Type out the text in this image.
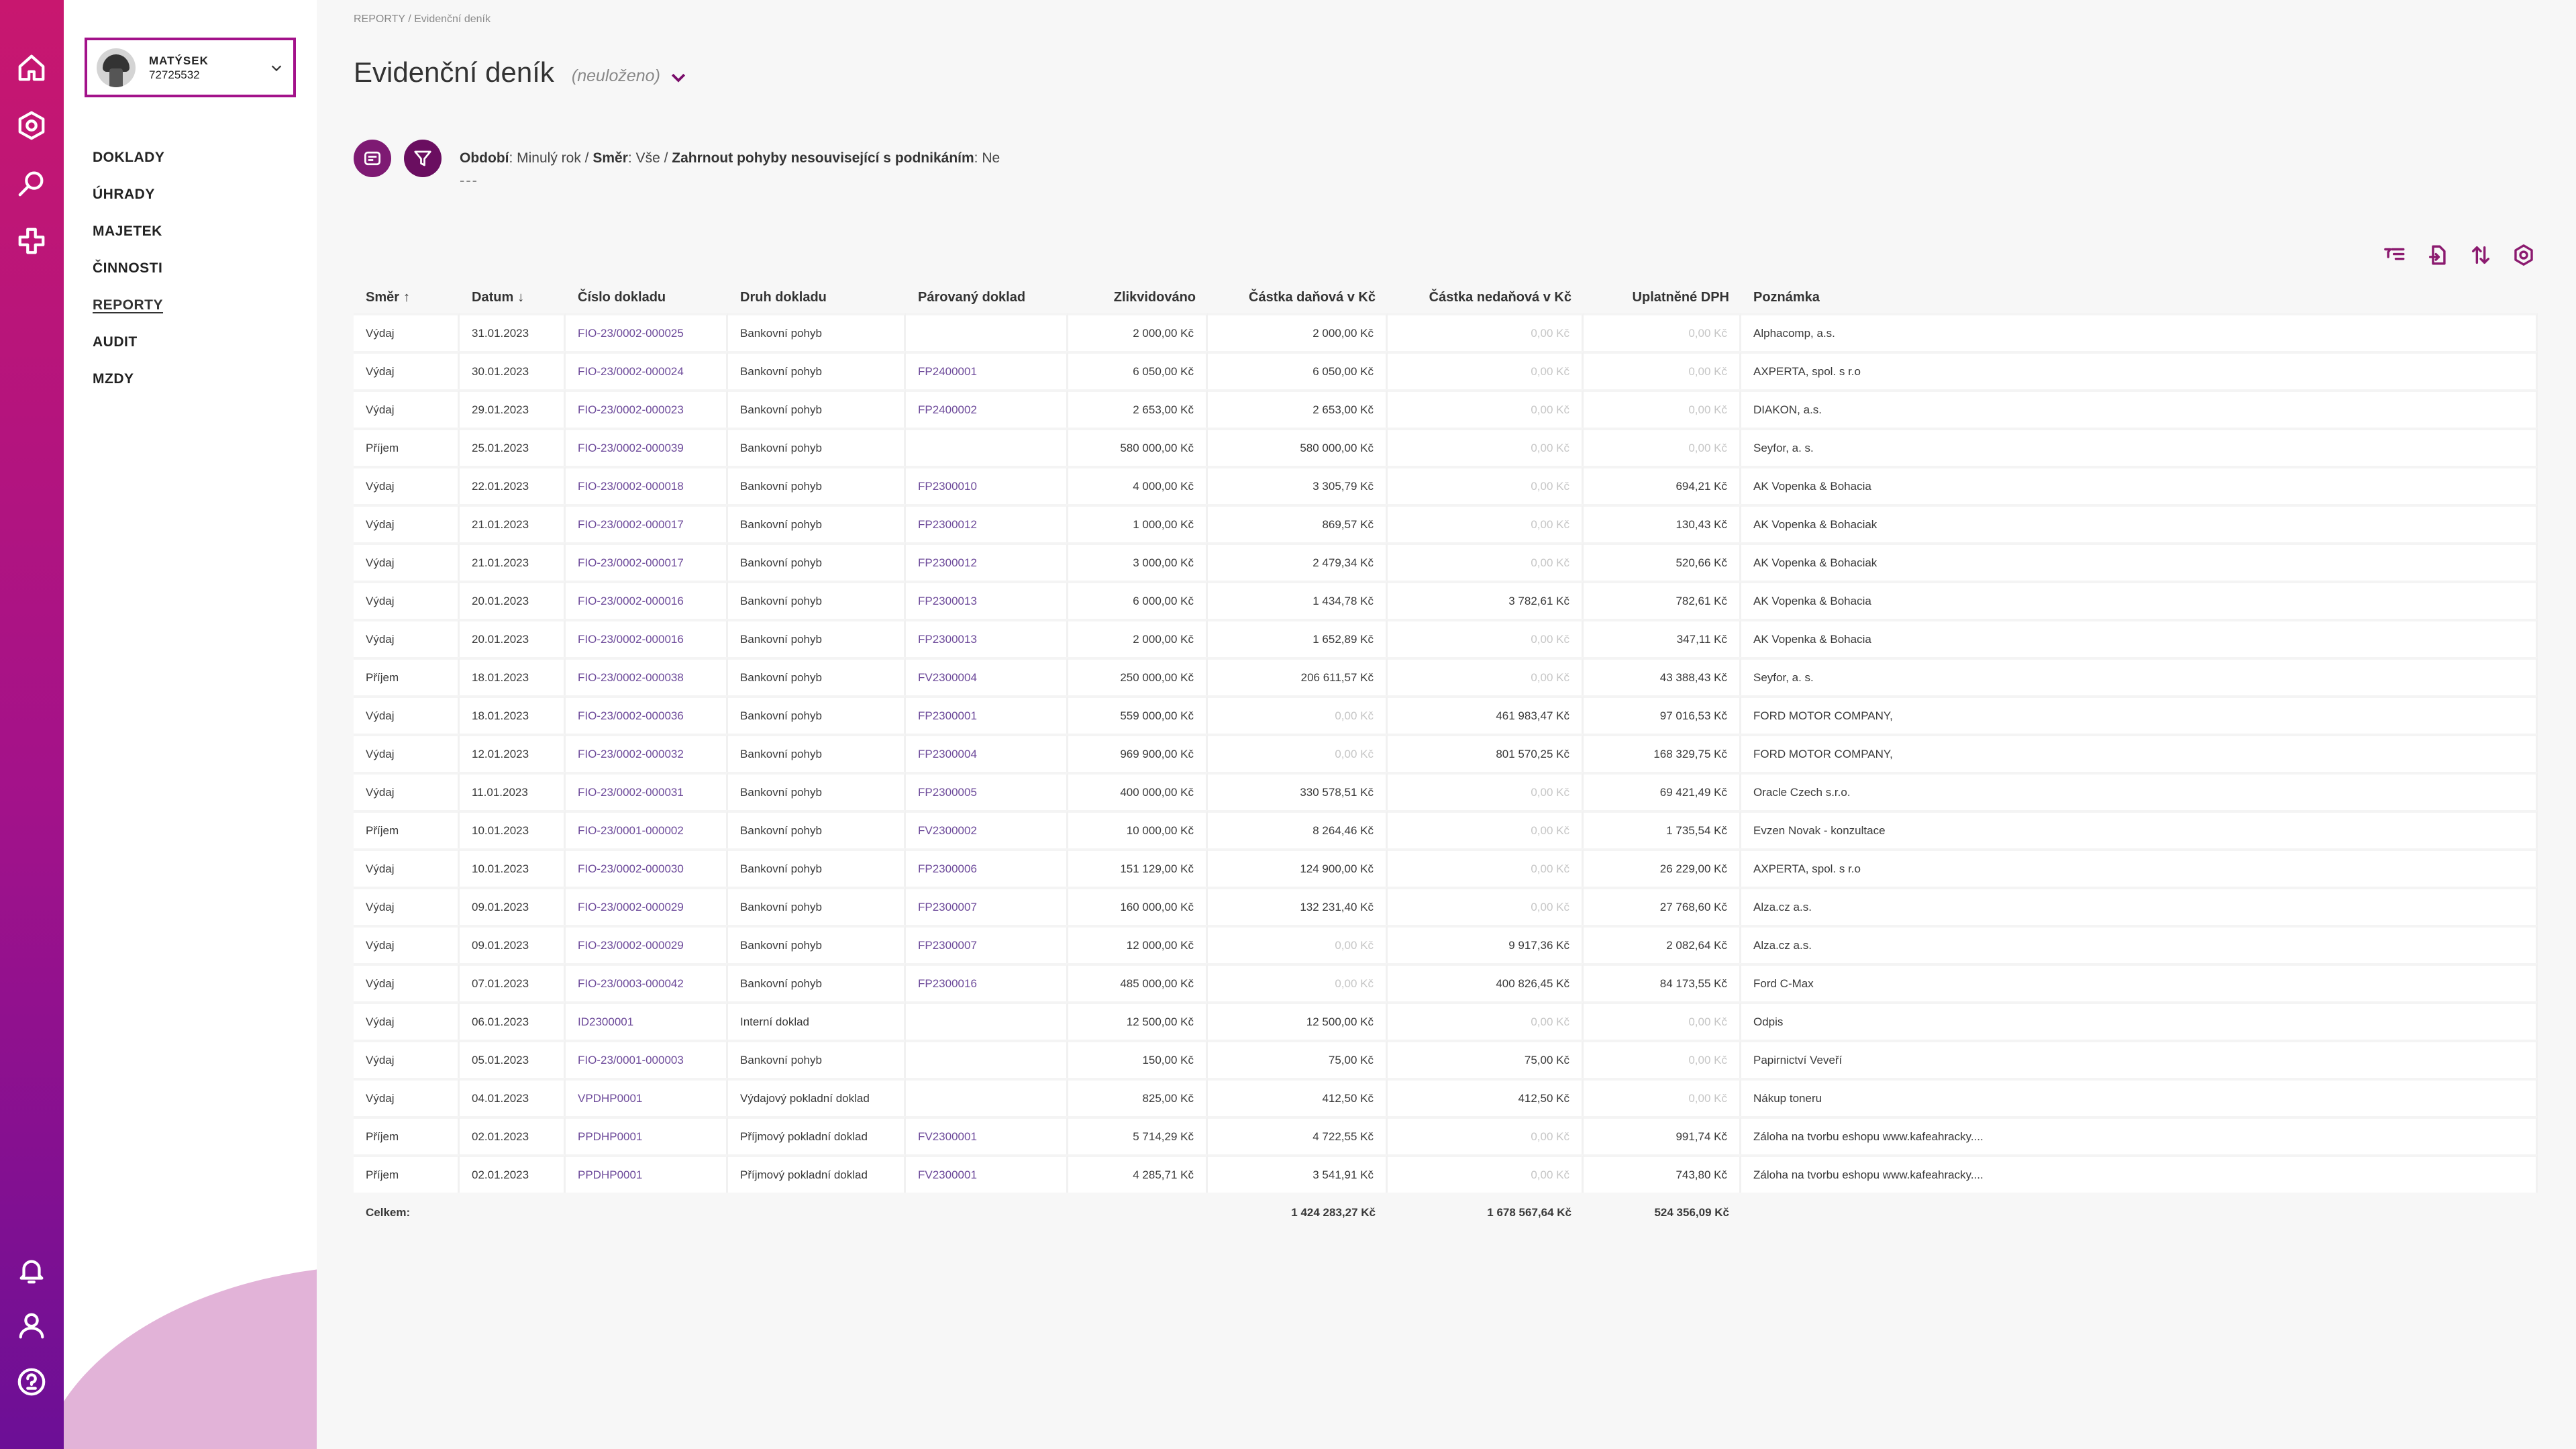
MATÝSEK
72725532
DOKLADY
ÚHRADY
MAJETEK
ČINNOSTI
REPORTY
AUDIT
MZDY
REPORTY / Evidenční deník
Evidenční deník (neuloženo)
Období: Minulý rok / Směr: Vše / Zahrnout pohyby nesouvisející s podnikáním: Ne
---
Směr ↑	Datum ↓	Číslo dokladu	Druh dokladu	Párovaný doklad	Zlikvidováno	Částka daňová v Kč	Částka nedaňová v Kč	Uplatněné DPH	Poznámka
Výdaj	31.01.2023	FIO-23/0002-000025	Bankovní pohyb		2 000,00 Kč	2 000,00 Kč	0,00 Kč	0,00 Kč	Alphacomp, a.s.
Výdaj	30.01.2023	FIO-23/0002-000024	Bankovní pohyb	FP2400001	6 050,00 Kč	6 050,00 Kč	0,00 Kč	0,00 Kč	AXPERTA, spol. s r.o
Výdaj	29.01.2023	FIO-23/0002-000023	Bankovní pohyb	FP2400002	2 653,00 Kč	2 653,00 Kč	0,00 Kč	0,00 Kč	DIAKON, a.s.
Příjem	25.01.2023	FIO-23/0002-000039	Bankovní pohyb		580 000,00 Kč	580 000,00 Kč	0,00 Kč	0,00 Kč	Seyfor, a. s.
Výdaj	22.01.2023	FIO-23/0002-000018	Bankovní pohyb	FP2300010	4 000,00 Kč	3 305,79 Kč	0,00 Kč	694,21 Kč	AK Vopenka & Bohacia
Výdaj	21.01.2023	FIO-23/0002-000017	Bankovní pohyb	FP2300012	1 000,00 Kč	869,57 Kč	0,00 Kč	130,43 Kč	AK Vopenka & Bohaciak
Výdaj	21.01.2023	FIO-23/0002-000017	Bankovní pohyb	FP2300012	3 000,00 Kč	2 479,34 Kč	0,00 Kč	520,66 Kč	AK Vopenka & Bohaciak
Výdaj	20.01.2023	FIO-23/0002-000016	Bankovní pohyb	FP2300013	6 000,00 Kč	1 434,78 Kč	3 782,61 Kč	782,61 Kč	AK Vopenka & Bohacia
Výdaj	20.01.2023	FIO-23/0002-000016	Bankovní pohyb	FP2300013	2 000,00 Kč	1 652,89 Kč	0,00 Kč	347,11 Kč	AK Vopenka & Bohacia
Příjem	18.01.2023	FIO-23/0002-000038	Bankovní pohyb	FV2300004	250 000,00 Kč	206 611,57 Kč	0,00 Kč	43 388,43 Kč	Seyfor, a. s.
Výdaj	18.01.2023	FIO-23/0002-000036	Bankovní pohyb	FP2300001	559 000,00 Kč	0,00 Kč	461 983,47 Kč	97 016,53 Kč	FORD MOTOR COMPANY,
Výdaj	12.01.2023	FIO-23/0002-000032	Bankovní pohyb	FP2300004	969 900,00 Kč	0,00 Kč	801 570,25 Kč	168 329,75 Kč	FORD MOTOR COMPANY,
Výdaj	11.01.2023	FIO-23/0002-000031	Bankovní pohyb	FP2300005	400 000,00 Kč	330 578,51 Kč	0,00 Kč	69 421,49 Kč	Oracle Czech s.r.o.
Příjem	10.01.2023	FIO-23/0001-000002	Bankovní pohyb	FV2300002	10 000,00 Kč	8 264,46 Kč	0,00 Kč	1 735,54 Kč	Evzen Novak - konzultace
Výdaj	10.01.2023	FIO-23/0002-000030	Bankovní pohyb	FP2300006	151 129,00 Kč	124 900,00 Kč	0,00 Kč	26 229,00 Kč	AXPERTA, spol. s r.o
Výdaj	09.01.2023	FIO-23/0002-000029	Bankovní pohyb	FP2300007	160 000,00 Kč	132 231,40 Kč	0,00 Kč	27 768,60 Kč	Alza.cz a.s.
Výdaj	09.01.2023	FIO-23/0002-000029	Bankovní pohyb	FP2300007	12 000,00 Kč	0,00 Kč	9 917,36 Kč	2 082,64 Kč	Alza.cz a.s.
Výdaj	07.01.2023	FIO-23/0003-000042	Bankovní pohyb	FP2300016	485 000,00 Kč	0,00 Kč	400 826,45 Kč	84 173,55 Kč	Ford C-Max
Výdaj	06.01.2023	ID2300001	Interní doklad		12 500,00 Kč	12 500,00 Kč	0,00 Kč	0,00 Kč	Odpis
Výdaj	05.01.2023	FIO-23/0001-000003	Bankovní pohyb		150,00 Kč	75,00 Kč	75,00 Kč	0,00 Kč	Papirnictví Veveří
Výdaj	04.01.2023	VPDHP0001	Výdajový pokladní doklad		825,00 Kč	412,50 Kč	412,50 Kč	0,00 Kč	Nákup toneru
Příjem	02.01.2023	PPDHP0001	Příjmový pokladní doklad	FV2300001	5 714,29 Kč	4 722,55 Kč	0,00 Kč	991,74 Kč	Záloha na tvorbu eshopu www.kafeahracky....
Příjem	02.01.2023	PPDHP0001	Příjmový pokladní doklad	FV2300001	4 285,71 Kč	3 541,91 Kč	0,00 Kč	743,80 Kč	Záloha na tvorbu eshopu www.kafeahracky....
Celkem:						1 424 283,27 Kč	1 678 567,64 Kč	524 356,09 Kč	
